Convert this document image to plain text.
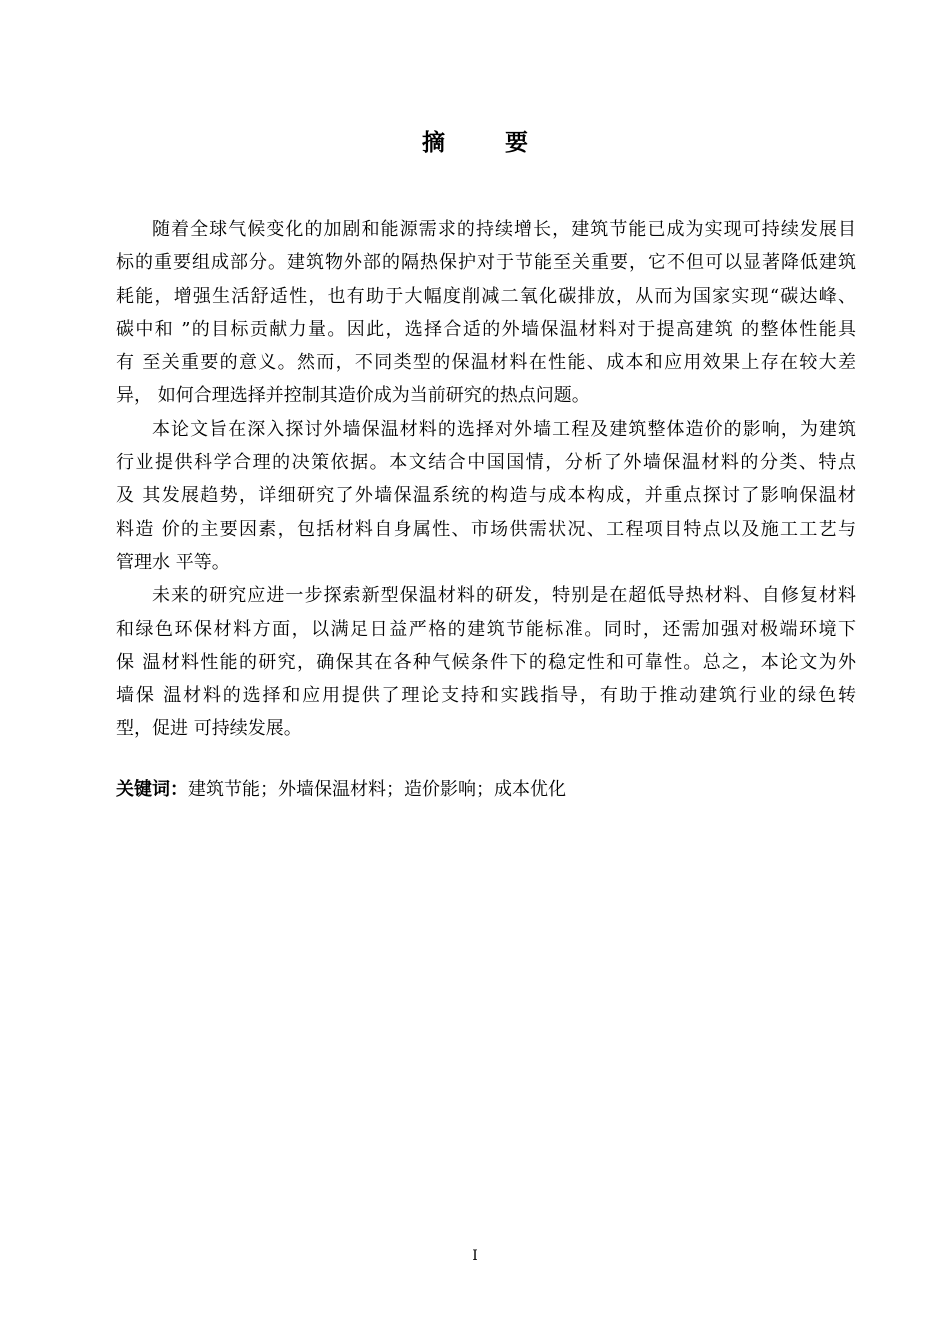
摘 要
随着全球气候变化的加剧和能源需求的持续增长，建筑节能已成为实现可持续发展目
标的重要组成部分。建筑物外部的隔热保护对于节能至关重要，它不但可以显著降低建筑
耗能，增强生活舒适性，也有助于大幅度削减二氧化碳排放，从而为国家实现“碳达峰、
碳中和 ”的目标贡献力量。因此，选择合适的外墙保温材料对于提高建筑 的整体性能具
有 至关重要的意义。然而，不同类型的保温材料在性能、成本和应用效果上存在较大差
异， 如何合理选择并控制其造价成为当前研究的热点问题。
本论文旨在深入探讨外墙保温材料的选择对外墙工程及建筑整体造价的影响，为建筑
行业提供科学合理的决策依据。本文结合中国国情，分析了外墙保温材料的分类、特点
及 其发展趋势，详细研究了外墙保温系统的构造与成本构成，并重点探讨了影响保温材
料造 价的主要因素，包括材料自身属性、市场供需状况、工程项目特点以及施工工艺与
管理水 平等。
未来的研究应进一步探索新型保温材料的研发，特别是在超低导热材料、自修复材料
和绿色环保材料方面，以满足日益严格的建筑节能标准。同时，还需加强对极端环境下
保 温材料性能的研究，确保其在各种气候条件下的稳定性和可靠性。总之，本论文为外
墙保 温材料的选择和应用提供了理论支持和实践指导，有助于推动建筑行业的绿色转
型，促进 可持续发展。
关键词：建筑节能；外墙保温材料；造价影响；成本优化
I
